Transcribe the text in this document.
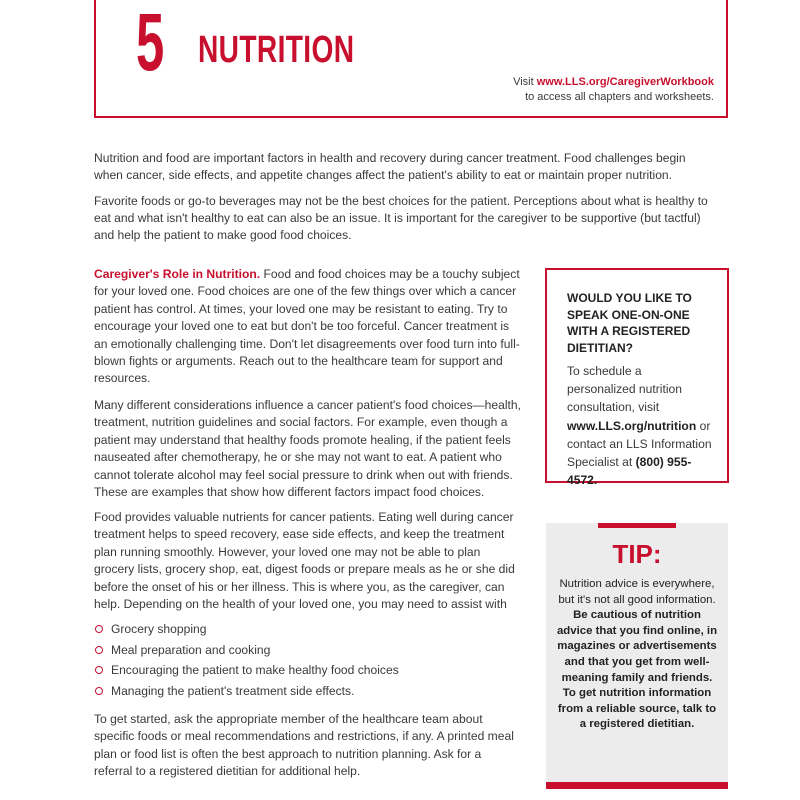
5 NUTRITION
Visit www.LLS.org/CaregiverWorkbook
to access all chapters and worksheets.

Nutrition and food are important factors in health and recovery during cancer treatment. Food challenges begin when cancer, side effects, and appetite changes affect the patient's ability to eat or maintain proper nutrition.

Favorite foods or go-to beverages may not be the best choices for the patient. Perceptions about what is healthy to eat and what isn't healthy to eat can also be an issue. It is important for the caregiver to be supportive (but tactful) and help the patient to make good food choices.

Caregiver's Role in Nutrition. Food and food choices may be a touchy subject for your loved one. Food choices are one of the few things over which a cancer patient has control. At times, your loved one may be resistant to eating. Try to encourage your loved one to eat but don't be too forceful. Cancer treatment is an emotionally challenging time. Don't let disagreements over food turn into full-blown fights or arguments. Reach out to the healthcare team for support and resources.

Many different considerations influence a cancer patient's food choices—health, treatment, nutrition guidelines and social factors. For example, even though a patient may understand that healthy foods promote healing, if the patient feels nauseated after chemotherapy, he or she may not want to eat. A patient who cannot tolerate alcohol may feel social pressure to drink when out with friends. These are examples that show how different factors impact food choices.

Food provides valuable nutrients for cancer patients. Eating well during cancer treatment helps to speed recovery, ease side effects, and keep the treatment plan running smoothly. However, your loved one may not be able to plan grocery lists, grocery shop, eat, digest foods or prepare meals as he or she did before the onset of his or her illness. This is where you, as the caregiver, can help. Depending on the health of your loved one, you may need to assist with

Grocery shopping
Meal preparation and cooking
Encouraging the patient to make healthy food choices
Managing the patient's treatment side effects.

To get started, ask the appropriate member of the healthcare team about specific foods or meal recommendations and restrictions, if any. A printed meal plan or food list is often the best approach to nutrition planning. Ask for a referral to a registered dietitian for additional help.

WOULD YOU LIKE TO SPEAK ONE-ON-ONE WITH A REGISTERED DIETITIAN?
To schedule a personalized nutrition consultation, visit www.LLS.org/nutrition or contact an LLS Information Specialist at (800) 955-4572.
TIP:
Nutrition advice is everywhere, but it's not all good information. Be cautious of nutrition advice that you find online, in magazines or advertisements and that you get from well-meaning family and friends. To get nutrition information from a reliable source, talk to a registered dietitian.
